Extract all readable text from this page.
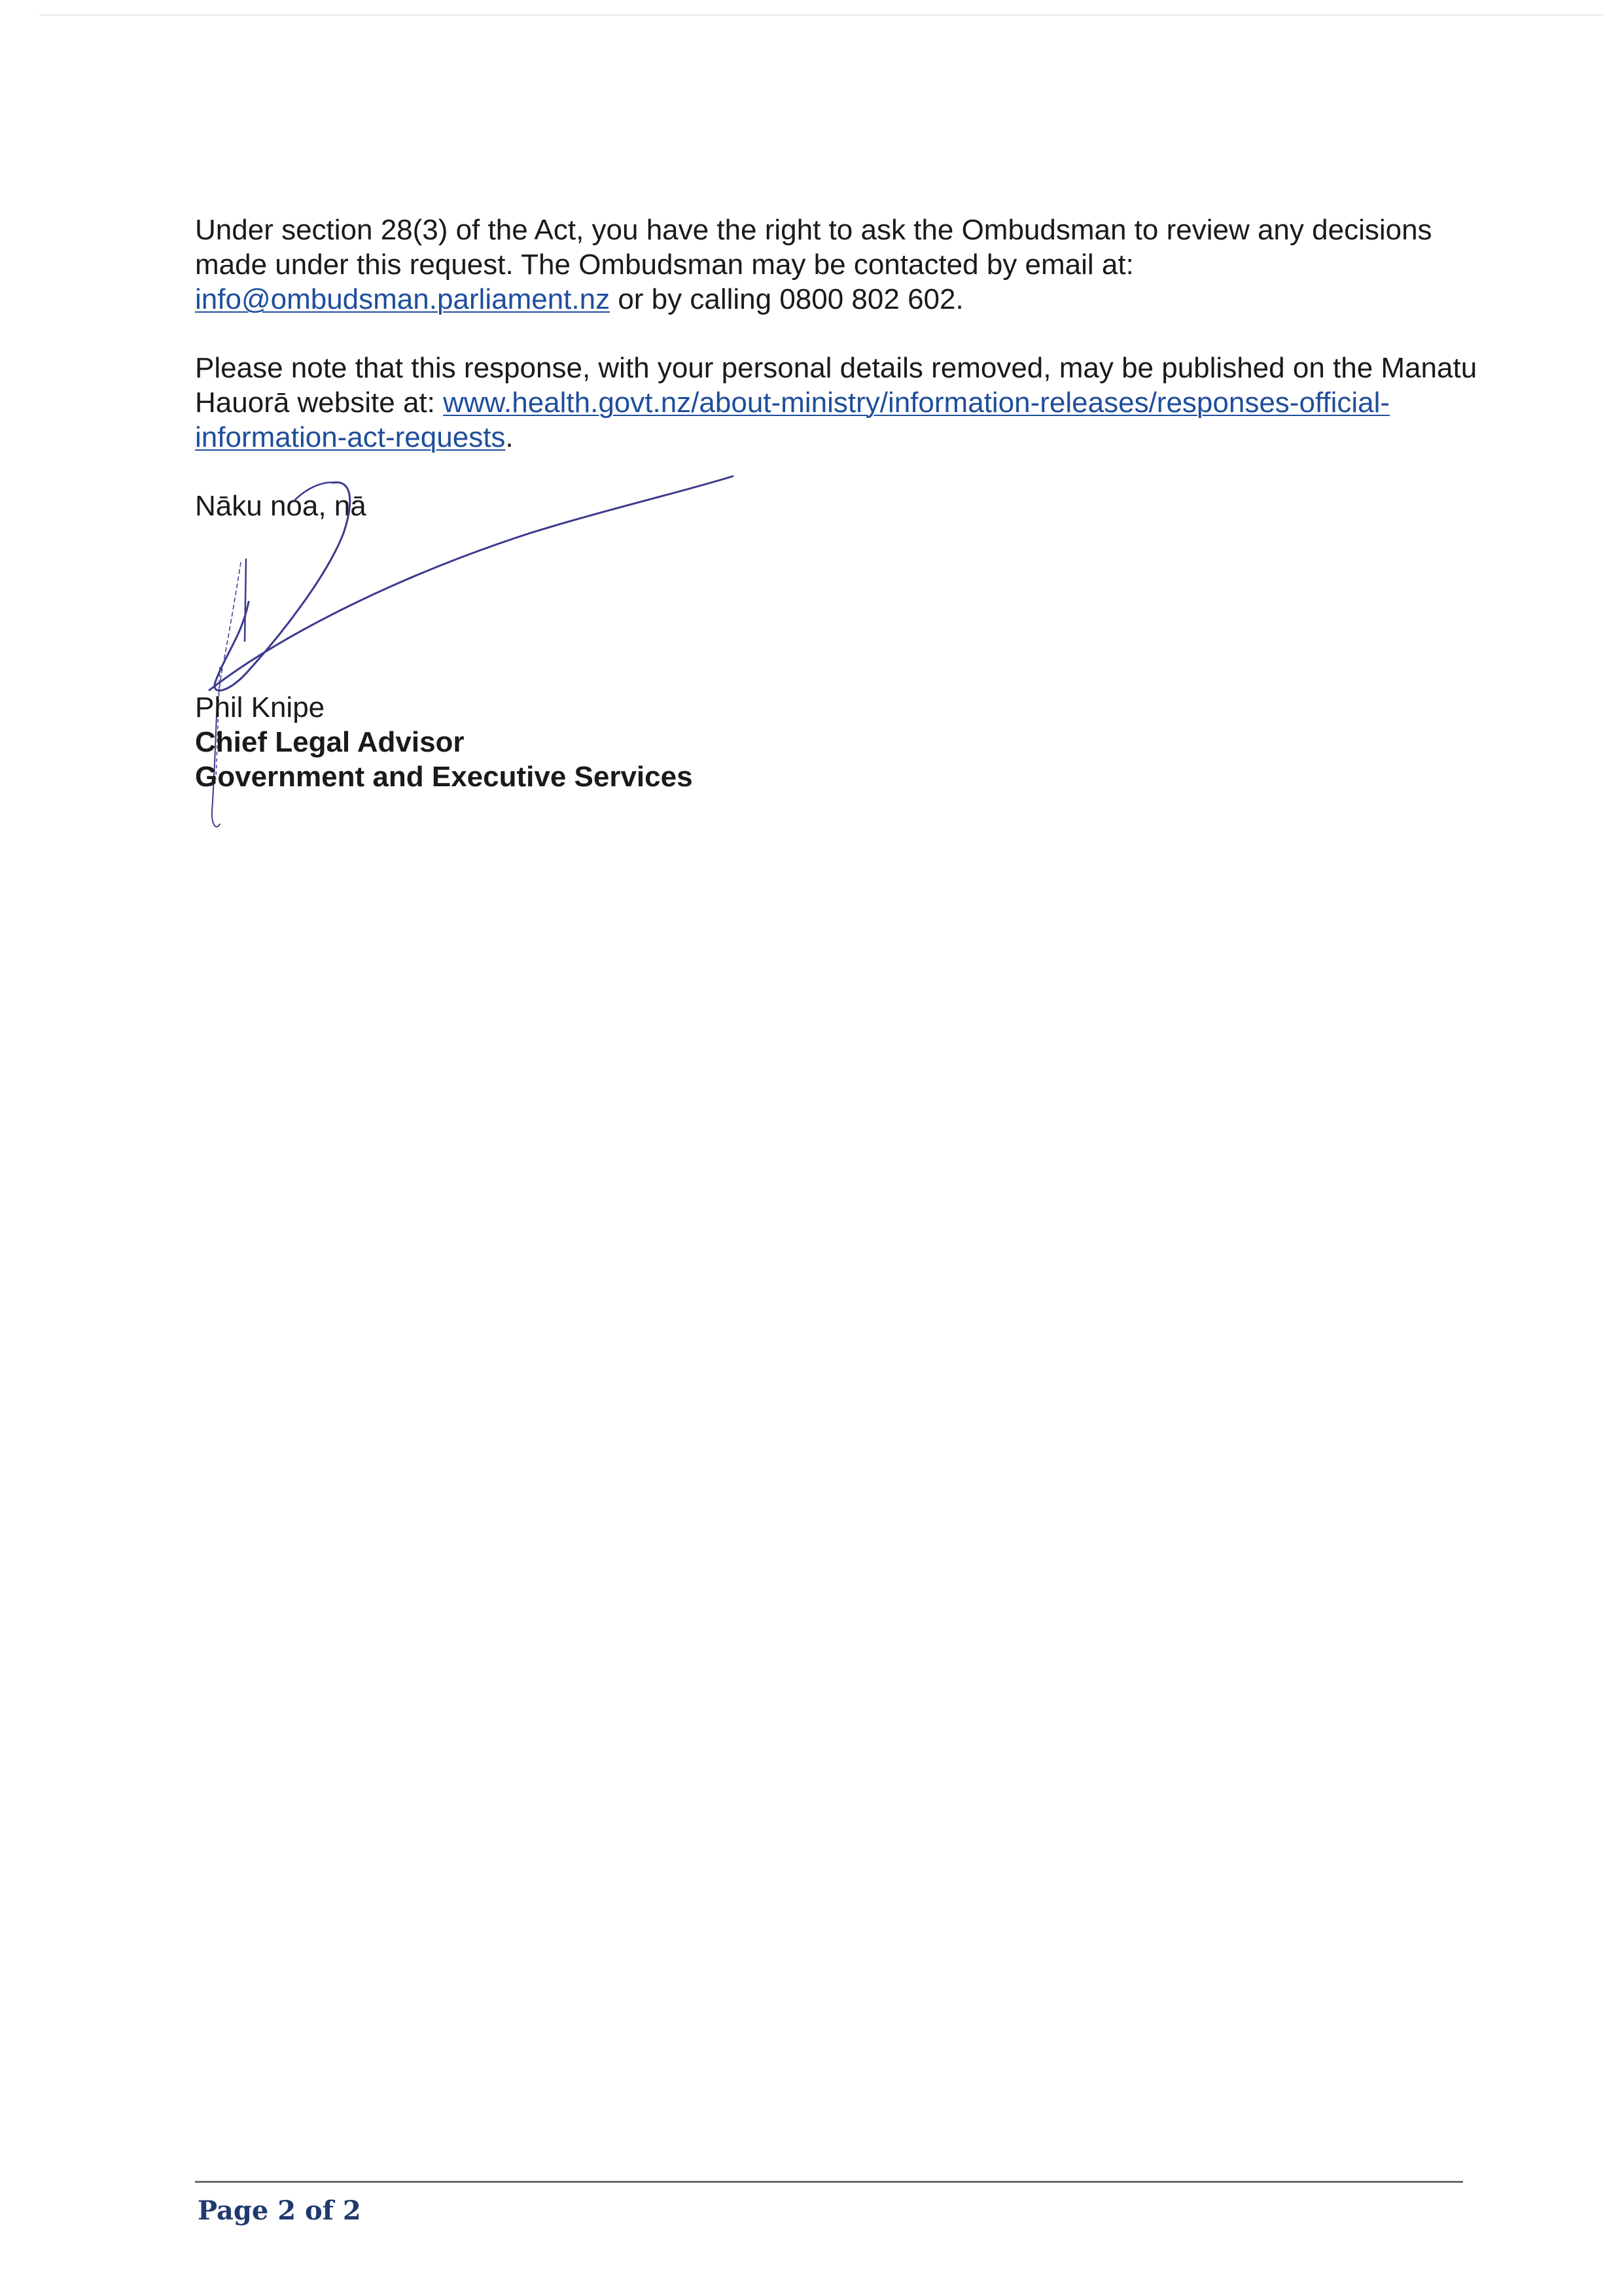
Under section 28(3) of the Act, you have the right to ask the Ombudsman to review any decisions made under this request. The Ombudsman may be contacted by email at: info@ombudsman.parliament.nz or by calling 0800 802 602.

Please note that this response, with your personal details removed, may be published on the Manatu Hauorā website at: www.health.govt.nz/about-ministry/information-releases/responses-official-information-act-requests.

Nāku noa, nā

Phil Knipe
Chief Legal Advisor
Government and Executive Services
Page 2 of 2
